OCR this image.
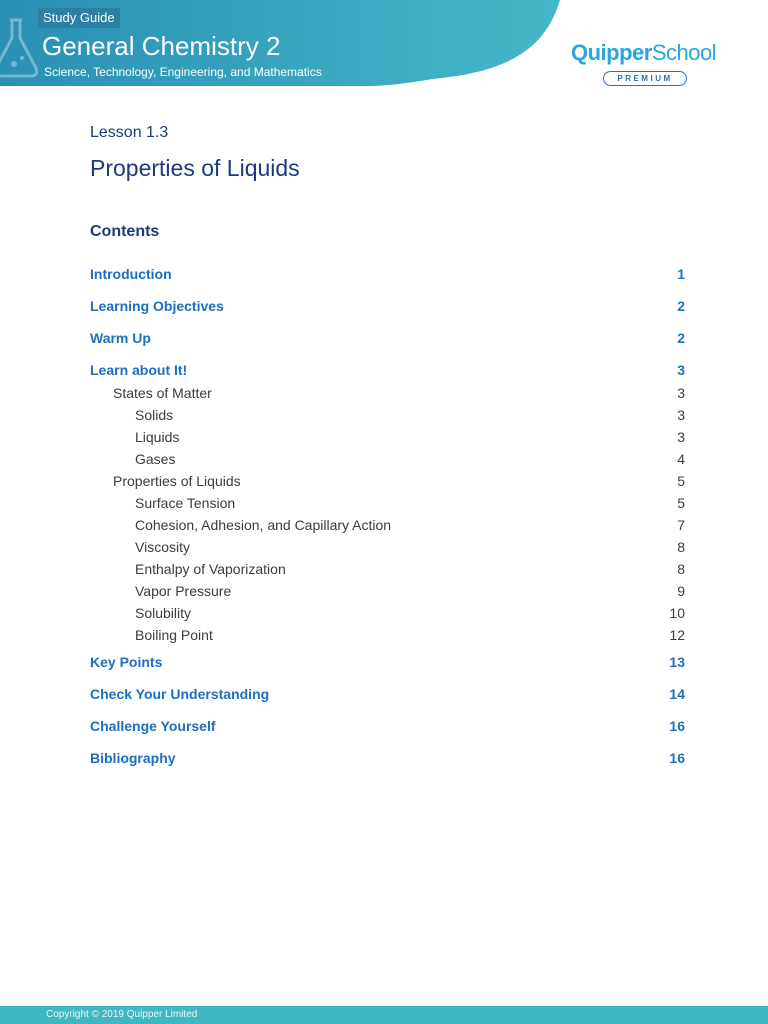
Study Guide
General Chemistry 2
Science, Technology, Engineering, and Mathematics
QuipperSchool
PREMIUM
Lesson 1.3
Properties of Liquids
Contents
Introduction	1
Learning Objectives	2
Warm Up	2
Learn about It!	3
States of Matter	3
Solids	3
Liquids	3
Gases	4
Properties of Liquids	5
Surface Tension	5
Cohesion, Adhesion, and Capillary Action	7
Viscosity	8
Enthalpy of Vaporization	8
Vapor Pressure	9
Solubility	10
Boiling Point	12
Key Points	13
Check Your Understanding	14
Challenge Yourself	16
Bibliography	16
Copyright © 2019 Quipper Limited
